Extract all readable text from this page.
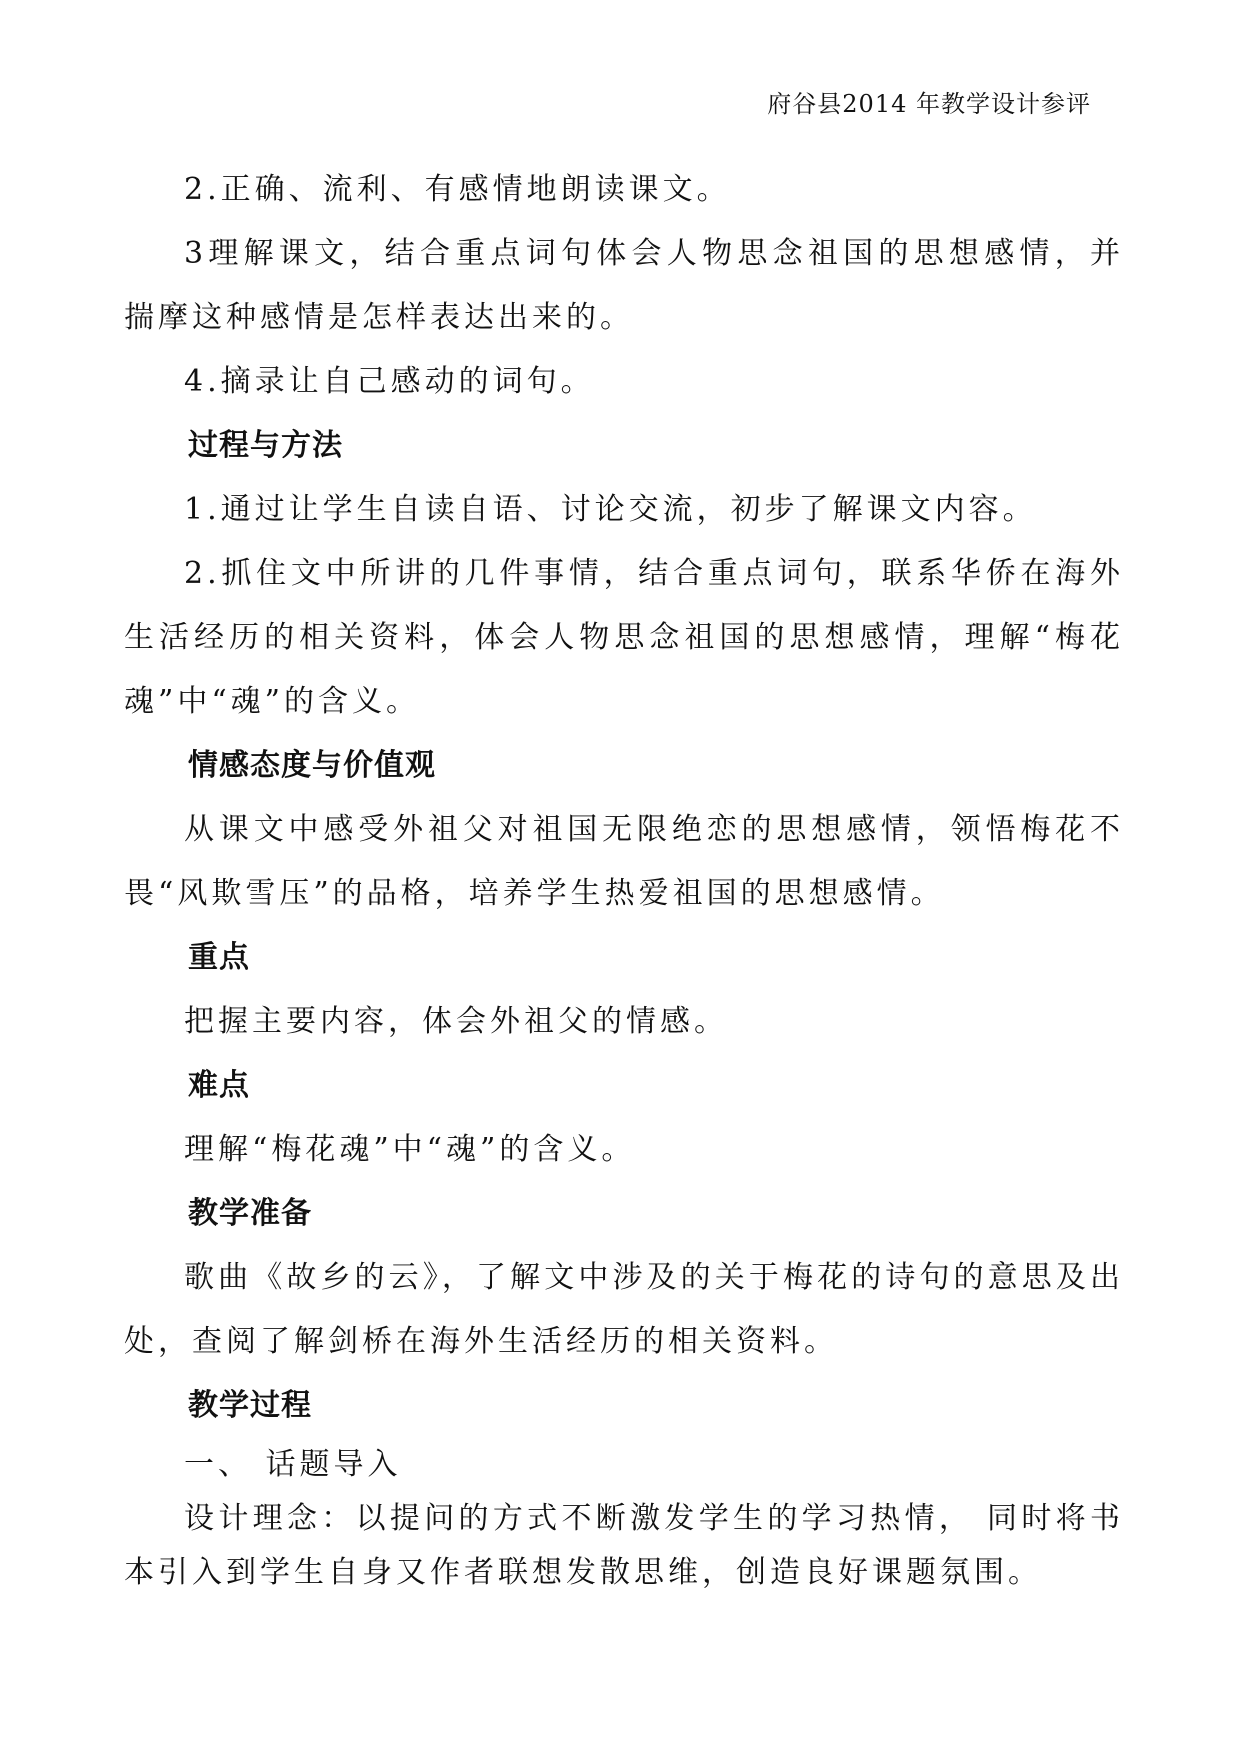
府谷县2014 年教学设计参评

2.正确、流利、有感情地朗读课文。

3理解课文，结合重点词句体会人物思念祖国的思想感情，并揣摩这种感情是怎样表达出来的。

4.摘录让自己感动的词句。

过程与方法

1.通过让学生自读自语、讨论交流，初步了解课文内容。

2.抓住文中所讲的几件事情，结合重点词句，联系华侨在海外生活经历的相关资料，体会人物思念祖国的思想感情，理解“梅花魂”中“魂”的含义。

情感态度与价值观

从课文中感受外祖父对祖国无限绝恋的思想感情，领悟梅花不畏“风欺雪压”的品格，培养学生热爱祖国的思想感情。

重点

把握主要内容，体会外祖父的情感。

难点

理解“梅花魂”中“魂”的含义。

教学准备

歌曲《故乡的云》，了解文中涉及的关于梅花的诗句的意思及出处，查阅了解剑桥在海外生活经历的相关资料。

教学过程

一、 话题导入

设计理念：以提问的方式不断激发学生的学习热情， 同时将书本引入到学生自身又作者联想发散思维，创造良好课题氛围。
